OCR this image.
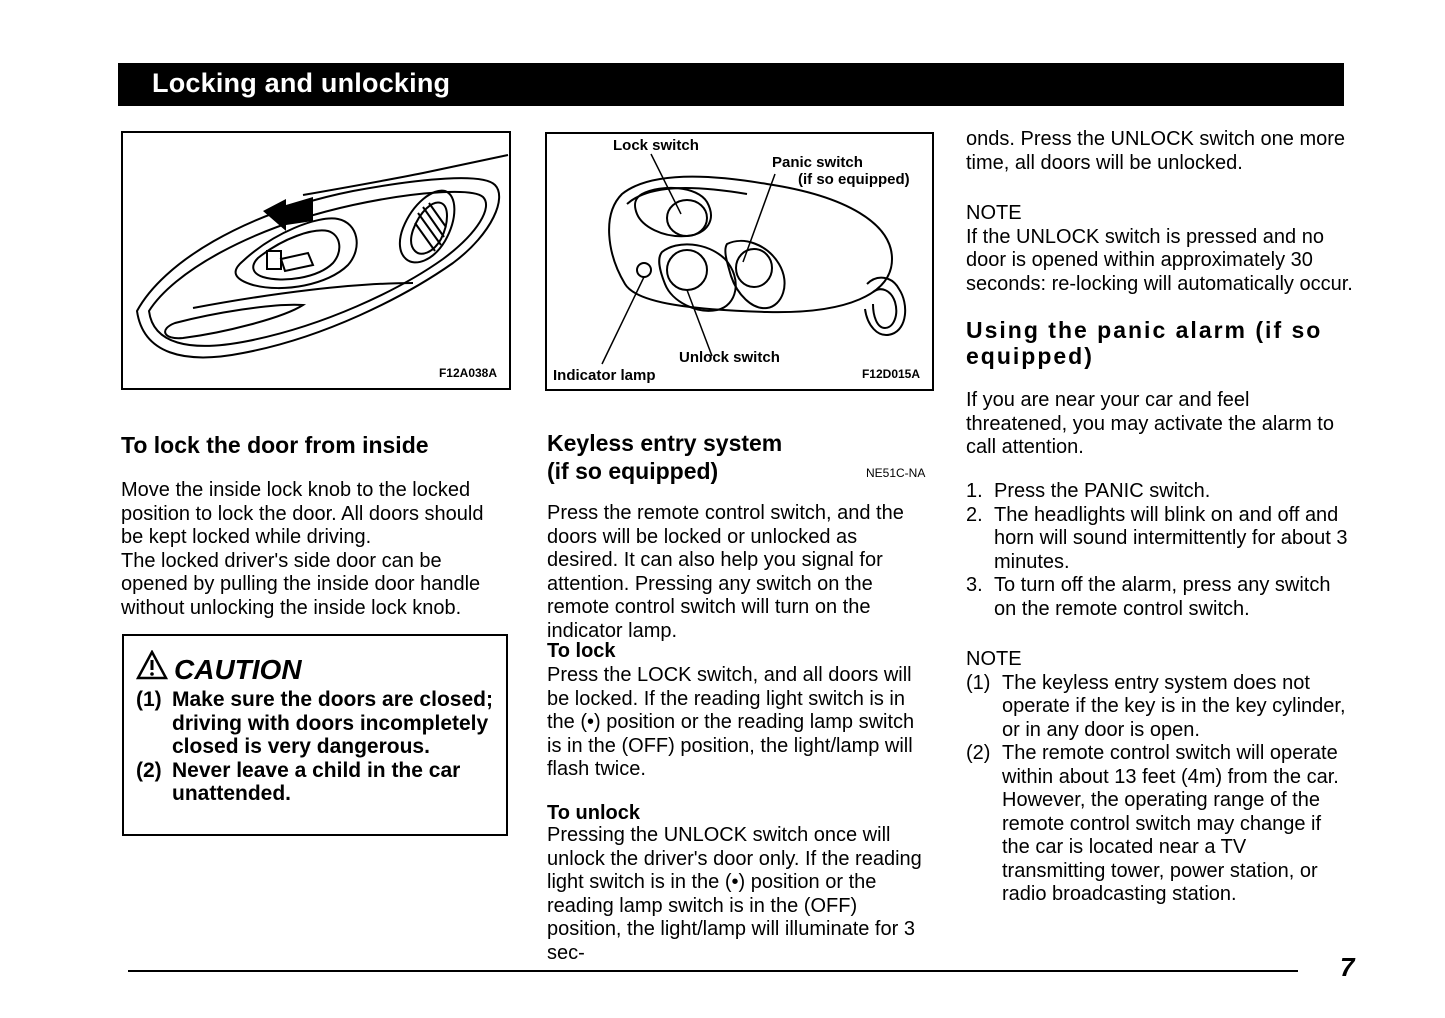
Locking and unlocking
F12A038A
Lock switch
Panic switch
(if so equipped)
Unlock switch
Indicator lamp	F12D015A
To lock the door from inside

Move the inside lock knob to the locked position to lock the door. All doors should be kept locked while driving.

The locked driver's side door can be opened by pulling the inside door handle without unlocking the inside lock knob.

CAUTION
(1) Make sure the doors are closed; driving with doors incompletely closed is very dangerous.
(2) Never leave a child in the car unattended.
Keyless entry system
(if so equipped)	NE51C-NA
Press the remote control switch, and the doors will be locked or unlocked as desired. It can also help you signal for attention. Pressing any switch on the remote control switch will turn on the indicator lamp.
To lock
Press the LOCK switch, and all doors will be locked. If the reading light switch is in the (•) position or the reading lamp switch is in the (OFF) position, the light/lamp will flash twice.
To unlock
Pressing the UNLOCK switch once will unlock the driver's door only. If the reading light switch is in the (•) position or the reading lamp switch is in the (OFF) position, the light/lamp will illuminate for 3 sec-
onds. Press the UNLOCK switch one more time, all doors will be unlocked.

NOTE

If the UNLOCK switch is pressed and no door is opened within approximately 30 seconds: re-locking will automatically occur.

Using the panic alarm (if so equipped)
If you are near your car and feel threatened, you may activate the alarm to call attention.
1. Press the PANIC switch.
2. The headlights will blink on and off and horn will sound intermittently for about 3 minutes.
3. To turn off the alarm, press any switch on the remote control switch.

NOTE

(1) The keyless entry system does not operate if the key is in the key cylinder, or in any door is open.
(2) The remote control switch will operate within about 13 feet (4m) from the car. However, the operating range of the remote control switch may change if the car is located near a TV transmitting tower, power station, or radio broadcasting station.
7
